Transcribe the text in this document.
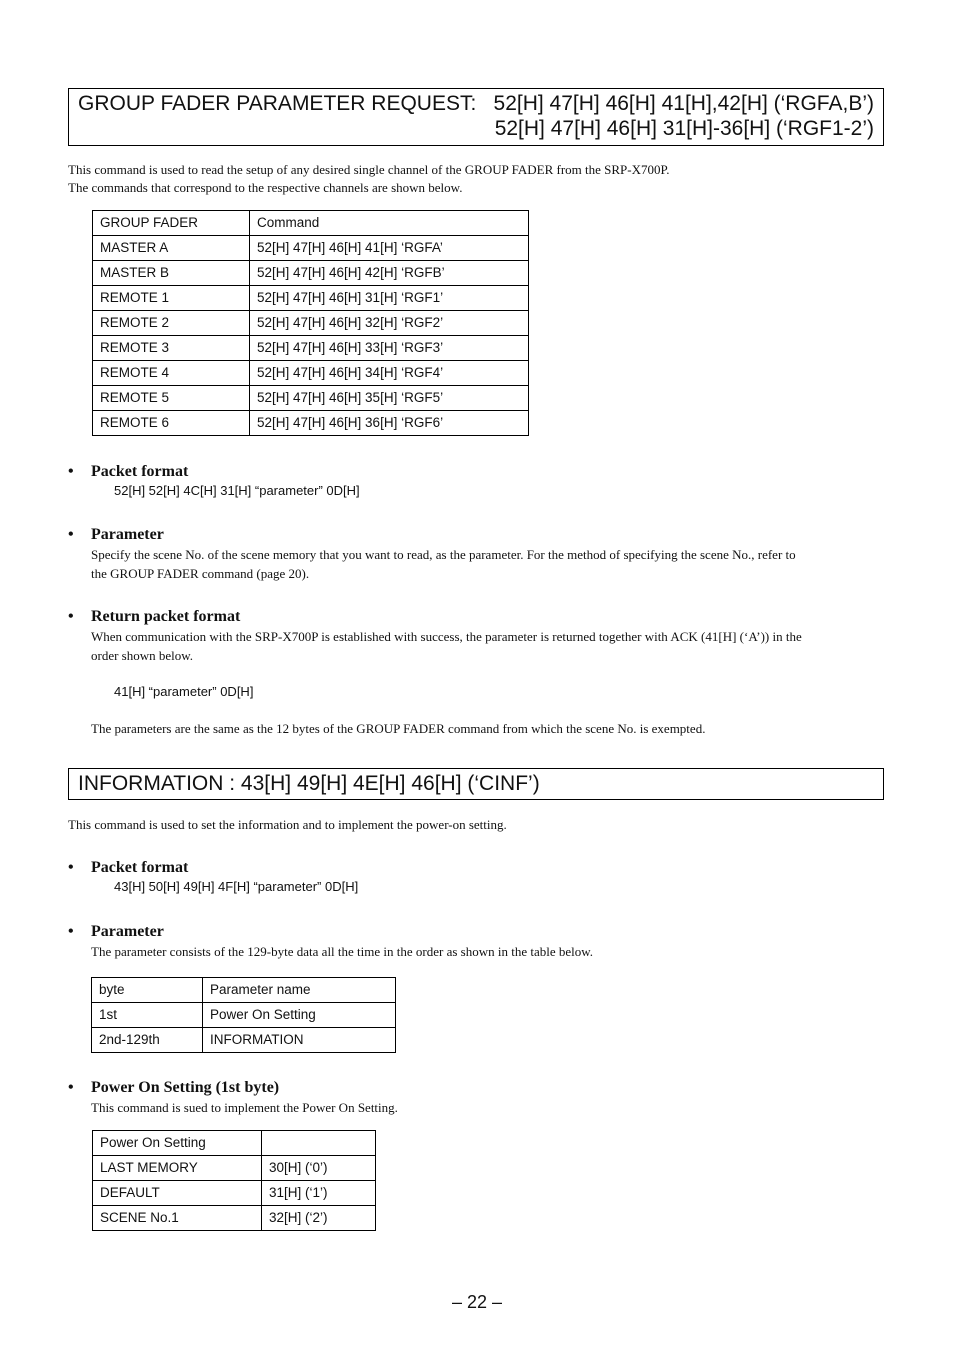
GROUP FADER PARAMETER REQUEST: 52[H] 47[H] 46[H] 41[H],42[H] (‘RGFA,B’)
52[H] 47[H] 46[H] 31[H]-36[H] (‘RGF1-2’)
This command is used to read the setup of any desired single channel of the GROUP FADER from the SRP-X700P.
The commands that correspond to the respective channels are shown below.
GROUP FADER	Command
MASTER A	52[H] 47[H] 46[H] 41[H] ‘RGFA’
MASTER B	52[H] 47[H] 46[H] 42[H] ‘RGFB’
REMOTE 1	52[H] 47[H] 46[H] 31[H] ‘RGF1’
REMOTE 2	52[H] 47[H] 46[H] 32[H] ‘RGF2’
REMOTE 3	52[H] 47[H] 46[H] 33[H] ‘RGF3’
REMOTE 4	52[H] 47[H] 46[H] 34[H] ‘RGF4’
REMOTE 5	52[H] 47[H] 46[H] 35[H] ‘RGF5’
REMOTE 6	52[H] 47[H] 46[H] 36[H] ‘RGF6’
• Packet format
52[H] 52[H] 4C[H] 31[H] “parameter” 0D[H]
• Parameter
Specify the scene No. of the scene memory that you want to read, as the parameter. For the method of specifying the scene No., refer to
the GROUP FADER command (page 20).
• Return packet format
When communication with the SRP-X700P is established with success, the parameter is returned together with ACK (41[H] (‘A’)) in the
order shown below.
41[H] “parameter” 0D[H]
The parameters are the same as the 12 bytes of the GROUP FADER command from which the scene No. is exempted.
INFORMATION : 43[H] 49[H] 4E[H] 46[H] (‘CINF’)
This command is used to set the information and to implement the power-on setting.
• Packet format
43[H] 50[H] 49[H] 4F[H] “parameter” 0D[H]
• Parameter
The parameter consists of the 129-byte data all the time in the order as shown in the table below.
byte	Parameter name
1st	Power On Setting
2nd-129th	INFORMATION
• Power On Setting (1st byte)
This command is sued to implement the Power On Setting.
Power On Setting	
LAST MEMORY	30[H] (‘0’)
DEFAULT	31[H] (‘1’)
SCENE No.1	32[H] (‘2’)
– 22 –
